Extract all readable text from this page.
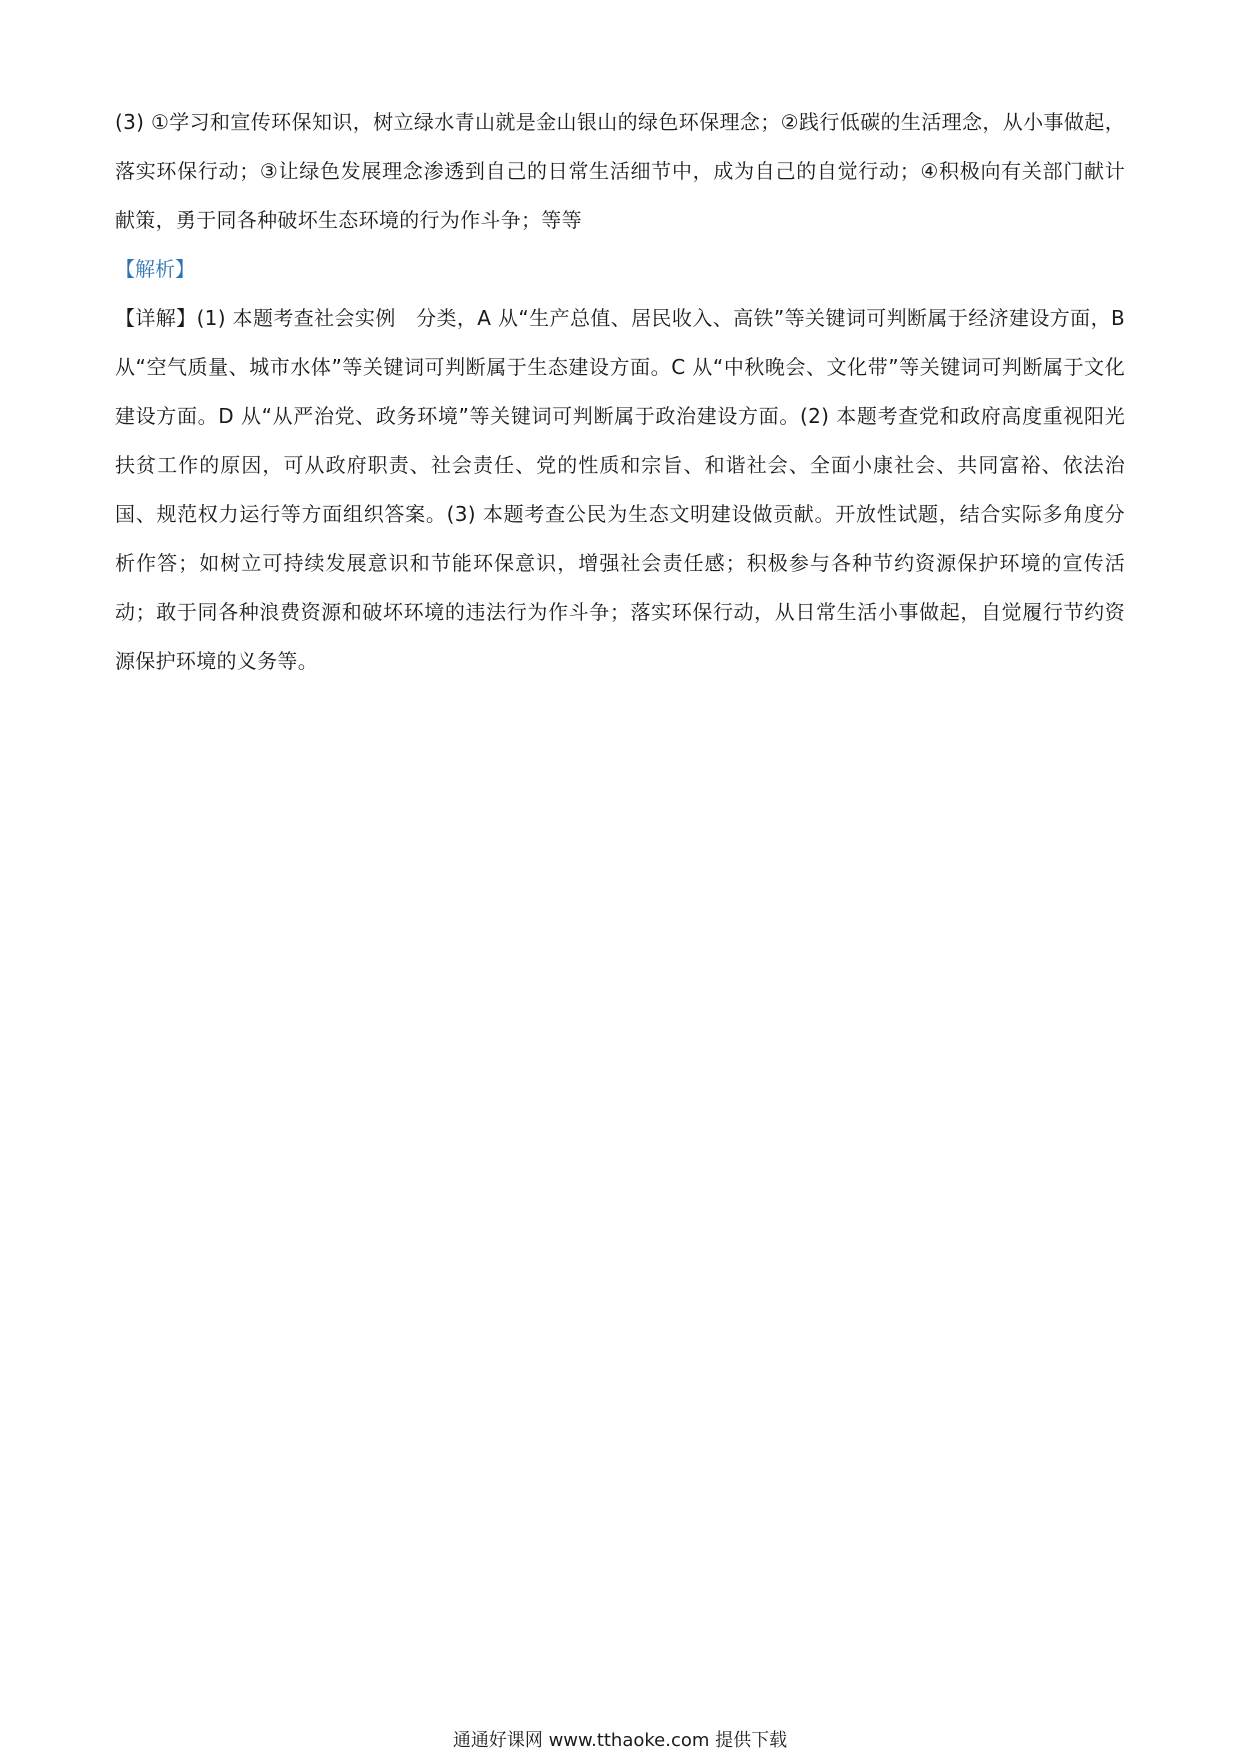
(3) ①学习和宣传环保知识，树立绿水青山就是金山银山的绿色环保理念；②践行低碳的生活理念，从小事做起，落实环保行动；③让绿色发展理念渗透到自己的日常生活细节中，成为自己的自觉行动；④积极向有关部门献计献策，勇于同各种破坏生态环境的行为作斗争；等等

【解析】

【详解】(1) 本题考查社会实例　分类，A 从“生产总值、居民收入、高铁”等关键词可判断属于经济建设方面，B 从“空气质量、城市水体”等关键词可判断属于生态建设方面。C 从“中秋晚会、文化带”等关键词可判断属于文化建设方面。D 从“从严治党、政务环境”等关键词可判断属于政治建设方面。(2) 本题考查党和政府高度重视阳光扶贫工作的原因，可从政府职责、社会责任、党的性质和宗旨、和谐社会、全面小康社会、共同富裕、依法治国、规范权力运行等方面组织答案。(3) 本题考查公民为生态文明建设做贡献。开放性试题，结合实际多角度分析作答；如树立可持续发展意识和节能环保意识，增强社会责任感；积极参与各种节约资源保护环境的宣传活动；敢于同各种浪费资源和破坏环境的违法行为作斗争；落实环保行动，从日常生活小事做起，自觉履行节约资源保护环境的义务等。

通通好课网 www.tthaoke.com 提供下载
